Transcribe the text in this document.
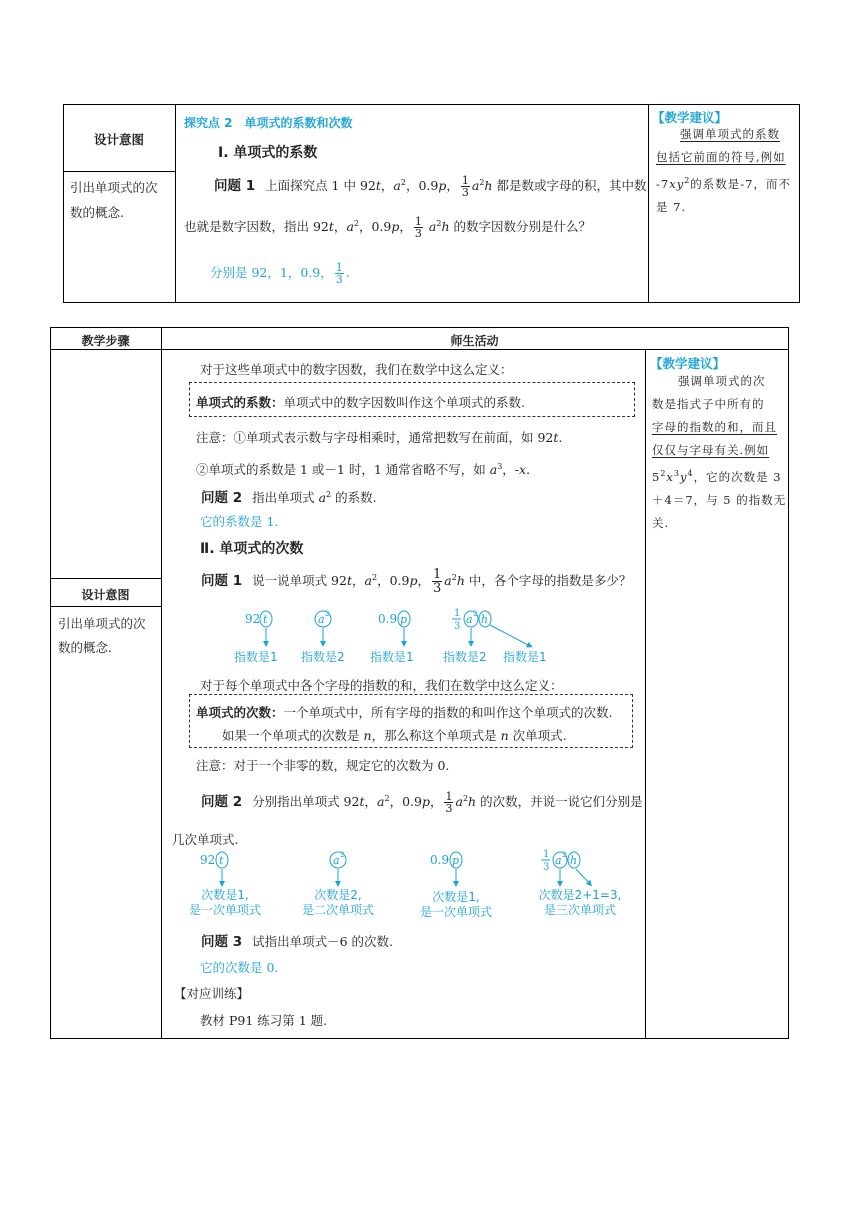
设计意图
引出单项式的次
数的概念.
探究点 2　单项式的系数和次数
Ⅰ. 单项式的系数
问题 1 上面探究点 1 中 92t，$a^2$，0.9p， $\frac{1}{3} a^2h$ 都是数或字母的积，其中数
也就是数字因数，指出 92t，$a^2$，0.9p， $\frac{1}{3} a^2h$ 的数字因数分别是什么？
分别是 92，1，0.9， $\frac{1}{3}$ .
【教学建议】
强调单项式的系数
包括它前面的符号,例如
$-7xy^2$的系数是-7，而不
是 7.
教学步骤	师生活动
设计意图
引出单项式的次
数的概念.
对于这些单项式中的数字因数，我们在数学中这么定义：
单项式的系数：单项式中的数字因数叫作这个单项式的系数.
注意：①单项式表示数与字母相乘时，通常把数写在前面，如 92t.
②单项式的系数是 1 或－1 时，1 通常省略不写，如 $a^3$，-x.
问题 2 指出单项式 $a^2$ 的系数.
它的系数是 1.
Ⅱ. 单项式的次数
问题 1 说一说单项式 92t，$a^2$，0.9p， $\frac{1}{3} a^2h$ 中，各个字母的指数是多少？
92 t	a 2	0.9 p	1
3
a 2 h
指数是1 指数是2 指数是1 指数是2 指数是1
对于每个单项式中各个字母的指数的和，我们在数学中这么定义：
单项式的次数：一个单项式中，所有字母的指数的和叫作这个单项式的次数.
如果一个单项式的次数是 n，那么称这个单项式是 n 次单项式.
注意：对于一个非零的数，规定它的次数为 0.
问题 2 分别指出单项式 92t，$a^2$，0.9p， $\frac{1}{3} a^2h$ 的次数，并说一说它们分别是
几次单项式.
92 t	a 2	0.9 p	1
3
a 2 h
次数是1,
是一次单项式
次数是2,
是二次单项式
次数是1,
是一次单项式
次数是2+1=3,
是三次单项式
问题 3 试指出单项式－6 的次数.
它的次数是 0.
【对应训练】
教材 P91 练习第 1 题.
【教学建议】
强调单项式的次
数是指式子中所有的
字母的指数的和，而且
仅仅与字母有关.例如
$5^2x^3y^4$，它的次数是 3
＋4＝7，与 5 的指数无
关.
